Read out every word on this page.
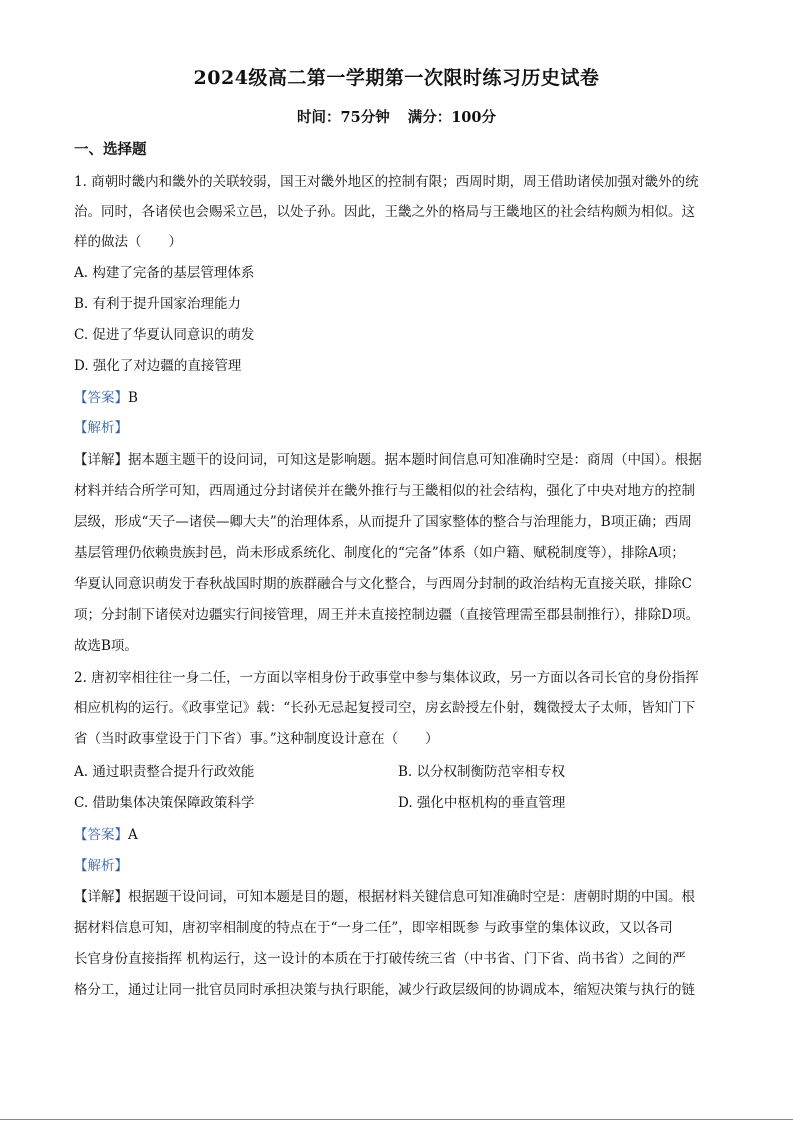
2024级高二第一学期第一次限时练习历史试卷
时间：75分钟 满分：100分
一、选择题
1. 商朝时畿内和畿外的关联较弱，国王对畿外地区的控制有限；西周时期，周王借助诸侯加强对畿外的统
治。同时，各诸侯也会赐采立邑，以处子孙。因此，王畿之外的格局与王畿地区的社会结构颇为相似。这
样的做法（　　）
A. 构建了完备的基层管理体系
B. 有利于提升国家治理能力
C. 促进了华夏认同意识的萌发
D. 强化了对边疆的直接管理
【答案】B
【解析】
【详解】据本题主题干的设问词，可知这是影响题。据本题时间信息可知准确时空是：商周（中国）。根据
材料并结合所学可知，西周通过分封诸侯并在畿外推行与王畿相似的社会结构，强化了中央对地方的控制
层级，形成“天子—诸侯—卿大夫”的治理体系，从而提升了国家整体的整合与治理能力，B项正确；西周
基层管理仍依赖贵族封邑，尚未形成系统化、制度化的“完备”体系（如户籍、赋税制度等），排除A项；
华夏认同意识萌发于春秋战国时期的族群融合与文化整合，与西周分封制的政治结构无直接关联，排除C
项；分封制下诸侯对边疆实行间接管理，周王并未直接控制边疆（直接管理需至郡县制推行），排除D项。
故选B项。
2. 唐初宰相往往一身二任，一方面以宰相身份于政事堂中参与集体议政，另一方面以各司长官的身份指挥
相应机构的运行。《政事堂记》载：“长孙无忌起复授司空，房玄龄授左仆射，魏徵授太子太师，皆知门下
省（当时政事堂设于门下省）事。”这种制度设计意在（　　）
A. 通过职责整合提升行政效能	B. 以分权制衡防范宰相专权
C. 借助集体决策保障政策科学	D. 强化中枢机构的垂直管理
【答案】A
【解析】
【详解】根据题干设问词，可知本题是目的题，根据材料关键信息可知准确时空是：唐朝时期的中国。根
据材料信息可知，唐初宰相制度的特点在于“一身二任”，即宰相既参 与政事堂的集体议政，又以各司
长官身份直接指挥 机构运行，这一设计的本质在于打破传统三省（中书省、门下省、尚书省）之间的严
格分工，通过让同一批官员同时承担决策与执行职能，减少行政层级间的协调成本，缩短决策与执行的链
